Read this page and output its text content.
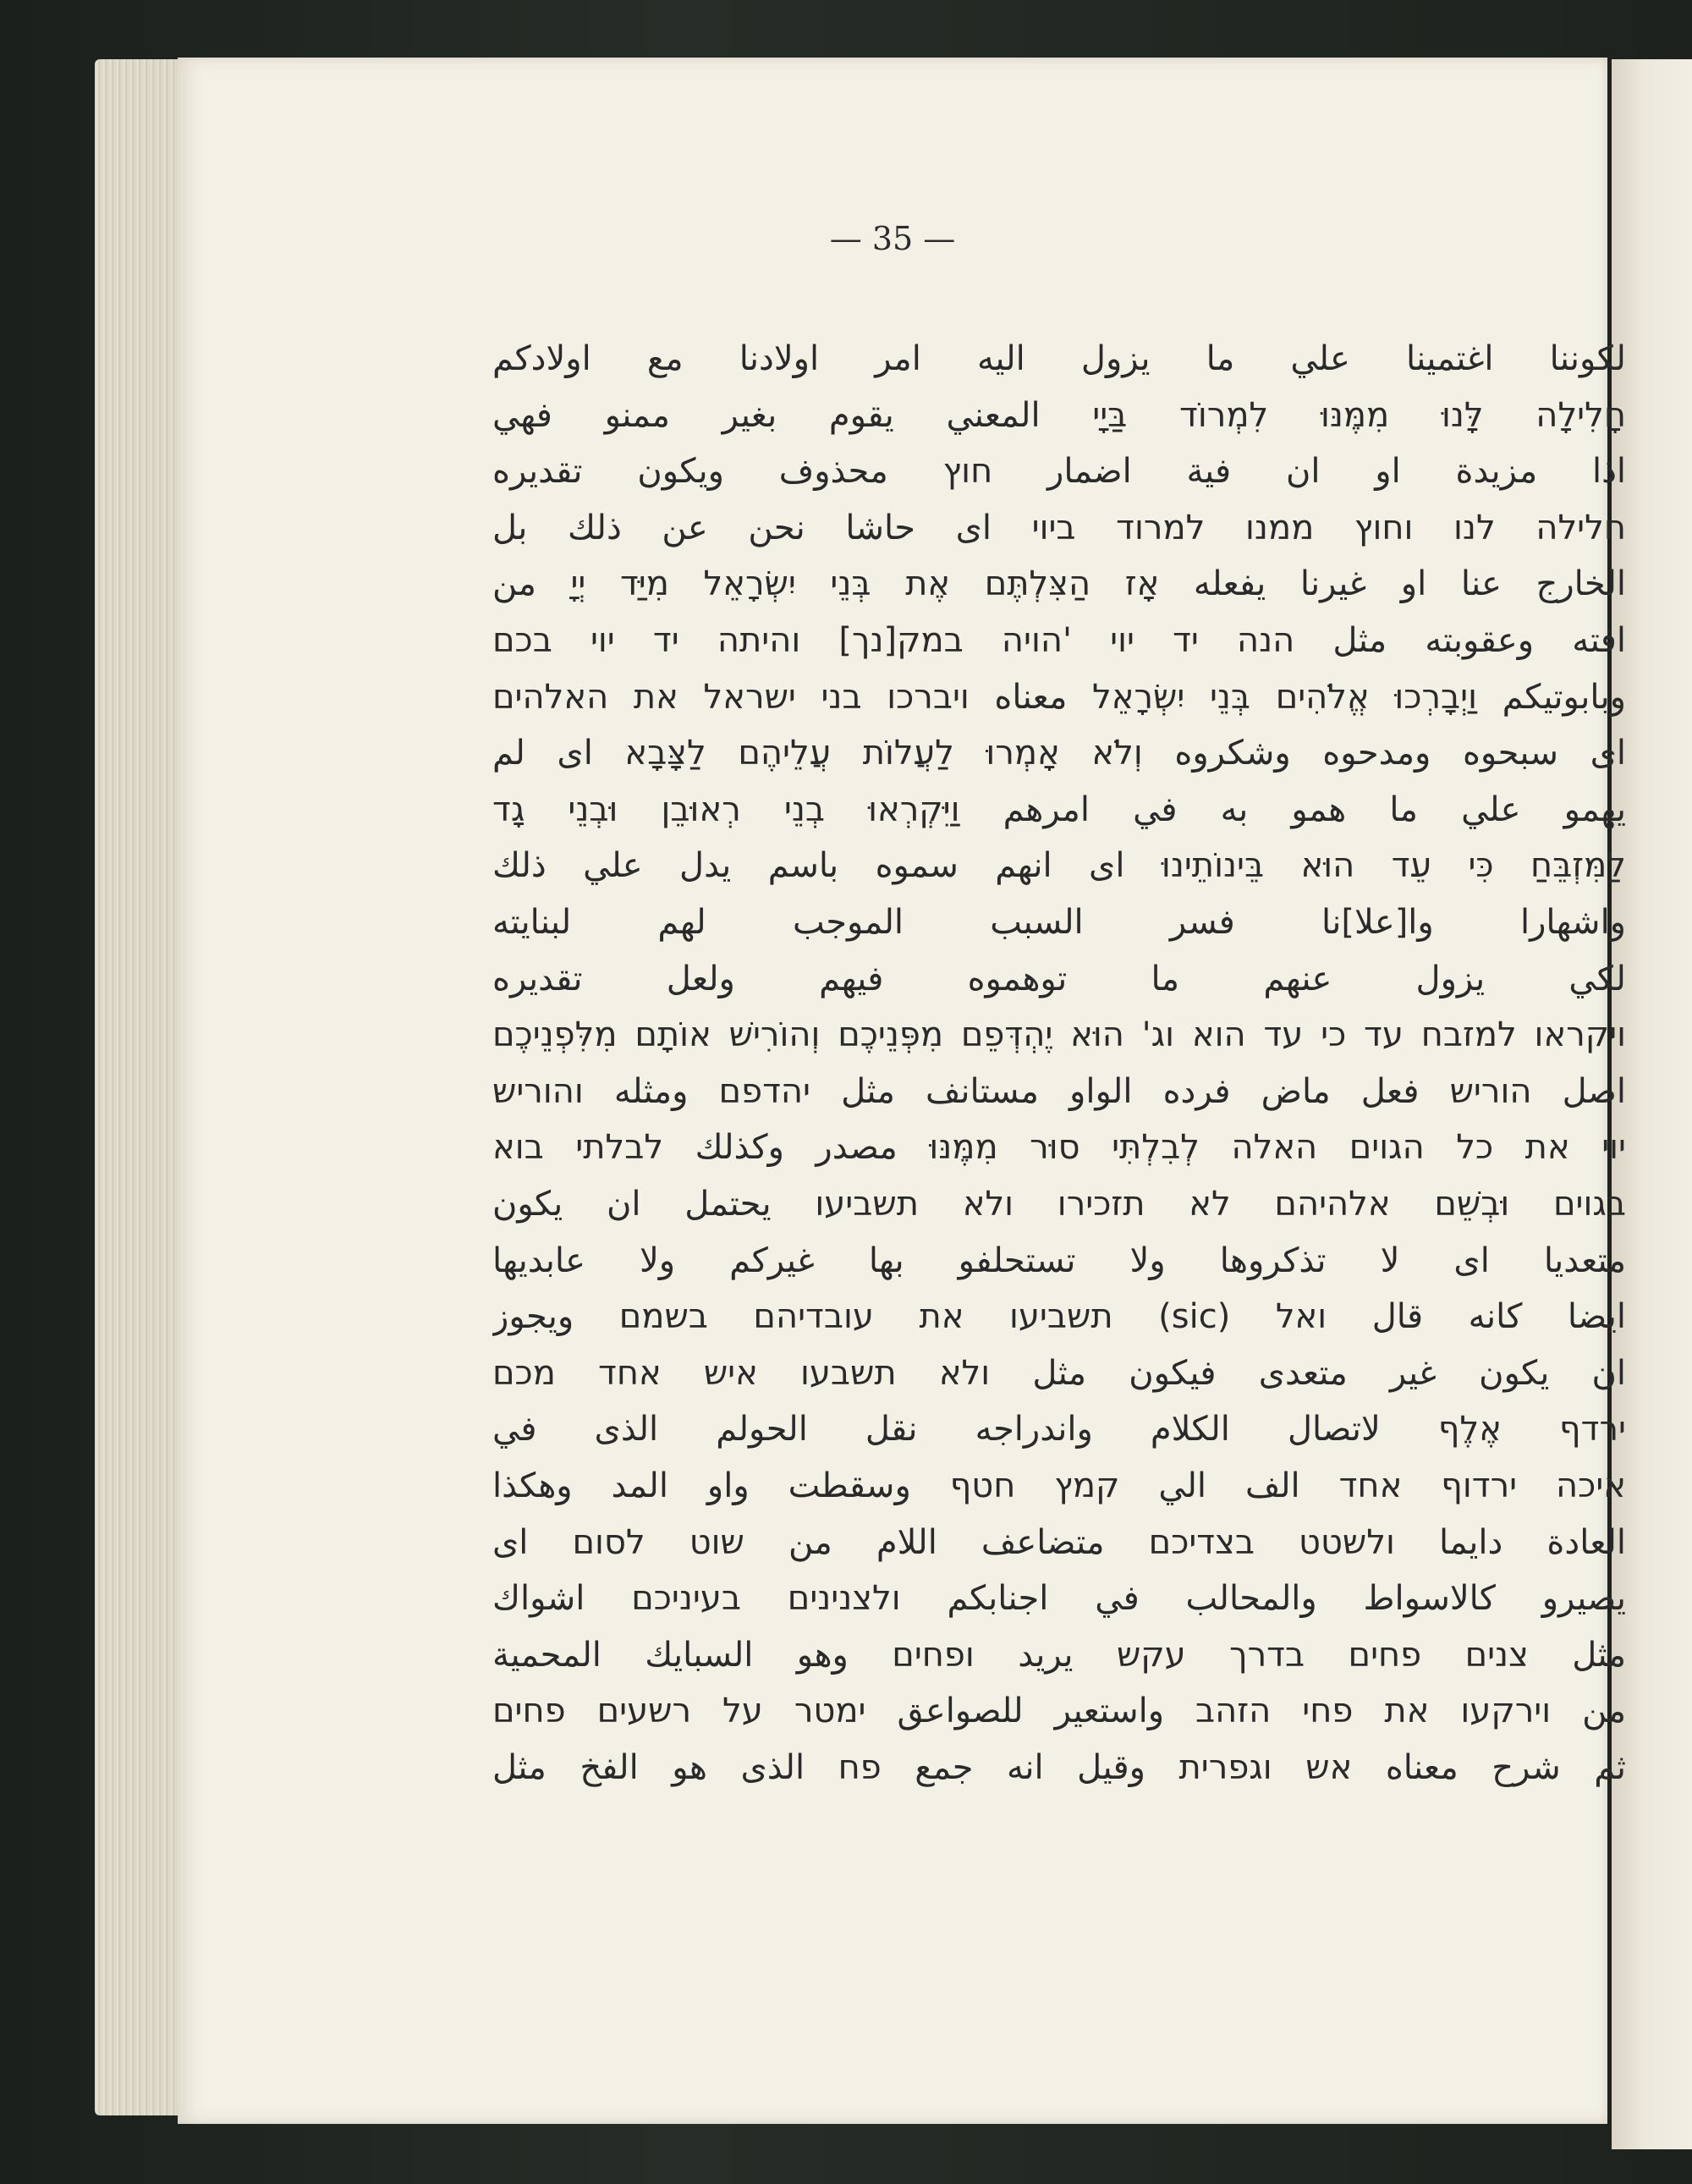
— 35 —
لكوننا اغتمينا علي ما يزول اليه امر اولادنا مع اولادكم
חָלִילָה לָּנוּ מִמֶּנּוּ לִמְרוֹד בַּיָי المعني يقوم بغير ممنو فهي
اذا مزيدة او ان فية اضمار חוץ محذوف ويكون تقديره
חלילה לנו וחוץ ממנו למרוד ביוי اى حاشا نحن عن ذلك بل
الخارج عنا او غيرنا يفعله אָז הַצִּלְתֶּם אֶת בְּנֵי יִשְׂרָאֵל מִיַּד יְיָ من
افته وعقوبته مثل הנה יד יוי 'הויה במק[נך] והיתה יד יוי בכם
وبابوتيكم וַיְבָרְכוּ אֱלֹהִים בְּנֵי יִשְׂרָאֵל معناه ויברכו בני ישראל את האלהים
اى سبحوه ومدحوه وشكروه וְלֹא אָמְרוּ לַעֲלוֹת עֲלֵיהֶם לַצָּבָא اى لم
يهمو علي ما همو به في امرهم וַיִּקְרְאוּ בְנֵי רְאוּבֵן וּבְנֵי גָד
לַמִּזְבֵּחַ כִּי עֵד הוּא בֵּינוֹתֵינוּ اى انهم سموه باسم يدل علي ذلك
واشهارا وا[علا]نا فسر السبب الموجب لهم لبنايته
لكي يزول عنهم ما توهموه فيهم ولعل تقديره
ויקראו למזבח עד כי עד הוא וג' הוּא יֶהְדְּפֵם מִפְּנֵיכֶם וְהוֹרִישׁ אוֹתָם מִלִּפְנֵיכֶם
اصل הוריש فعل ماض فرده الواو مستانف مثل יהדפם ومثله והוריש
יוי את כל הגוים האלה לְבִלְתִּי סוּר מִמֶּנּוּ مصدر وكذلك לבלתי בוא
בגוים וּבְשֵׁם אלהיהם לא תזכירו ולא תשביעו يحتمل ان يكون
متعديا اى لا تذكروها ولا تستحلفو بها غيركم ولا عابديها
ايضا كانه قال ואל (sic) תשביעו את עובדיהם בשמם ويجوز
ان يكون غير متعدى فيكون مثل ולא תשבעו איש אחד מכם
ירדף אֶלֶף لاتصال الكلام واندراجه نقل الحولم الذى في
איכה ירדוף אחד الف الي קמץ חטף وسقطت واو المد وهكذا
العادة دايما ולשטט בצדיכם متضاعف اللام من שוט לסום اى
يصيرو كالاسواط والمحالب في اجنابكم ולצנינים בעיניכם اشواك
مثل צנים פחים בדרך עקש يريد ופחים وهو السبايك المحمية
من וירקעו את פחי הזהב واستعير للصواعق ימטר על רשעים פחים
ثم شرح معناه אש וגפרית وقيل انه جمع פח الذى هو الفخ مثل
